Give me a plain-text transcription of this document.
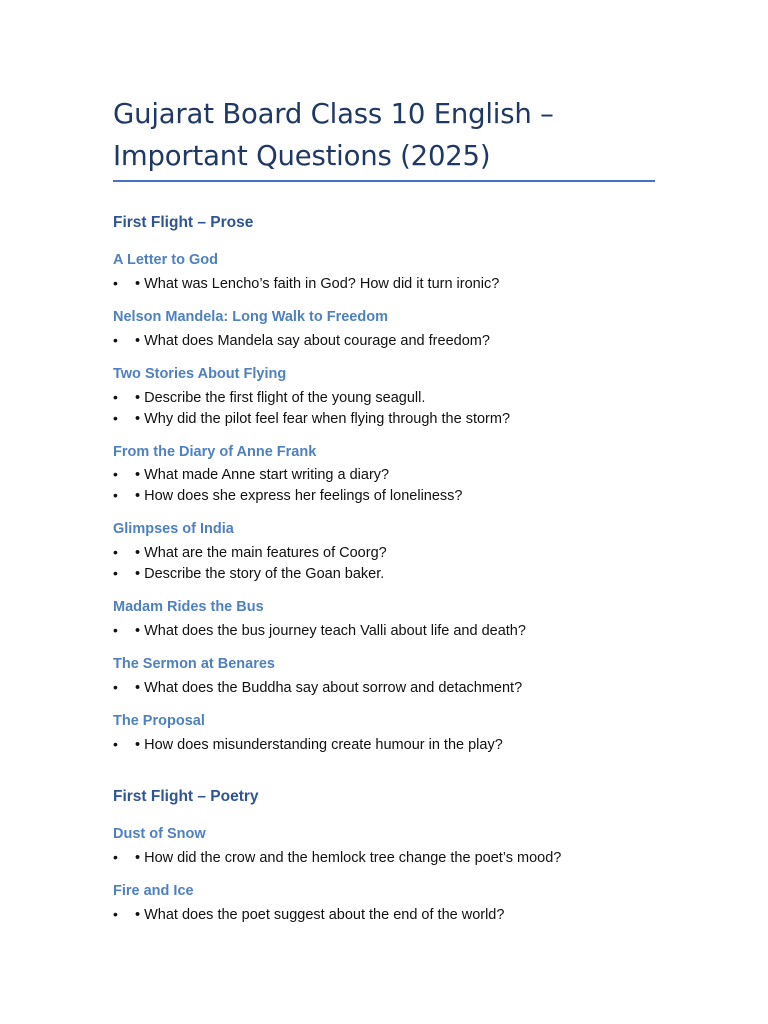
Gujarat Board Class 10 English – Important Questions (2025)
First Flight – Prose
A Letter to God
• • What was Lencho’s faith in God? How did it turn ironic?
Nelson Mandela: Long Walk to Freedom
• • What does Mandela say about courage and freedom?
Two Stories About Flying
• • Describe the first flight of the young seagull.
• • Why did the pilot feel fear when flying through the storm?
From the Diary of Anne Frank
• • What made Anne start writing a diary?
• • How does she express her feelings of loneliness?
Glimpses of India
• • What are the main features of Coorg?
• • Describe the story of the Goan baker.
Madam Rides the Bus
• • What does the bus journey teach Valli about life and death?
The Sermon at Benares
• • What does the Buddha say about sorrow and detachment?
The Proposal
• • How does misunderstanding create humour in the play?
First Flight – Poetry
Dust of Snow
• • How did the crow and the hemlock tree change the poet’s mood?
Fire and Ice
• • What does the poet suggest about the end of the world?
